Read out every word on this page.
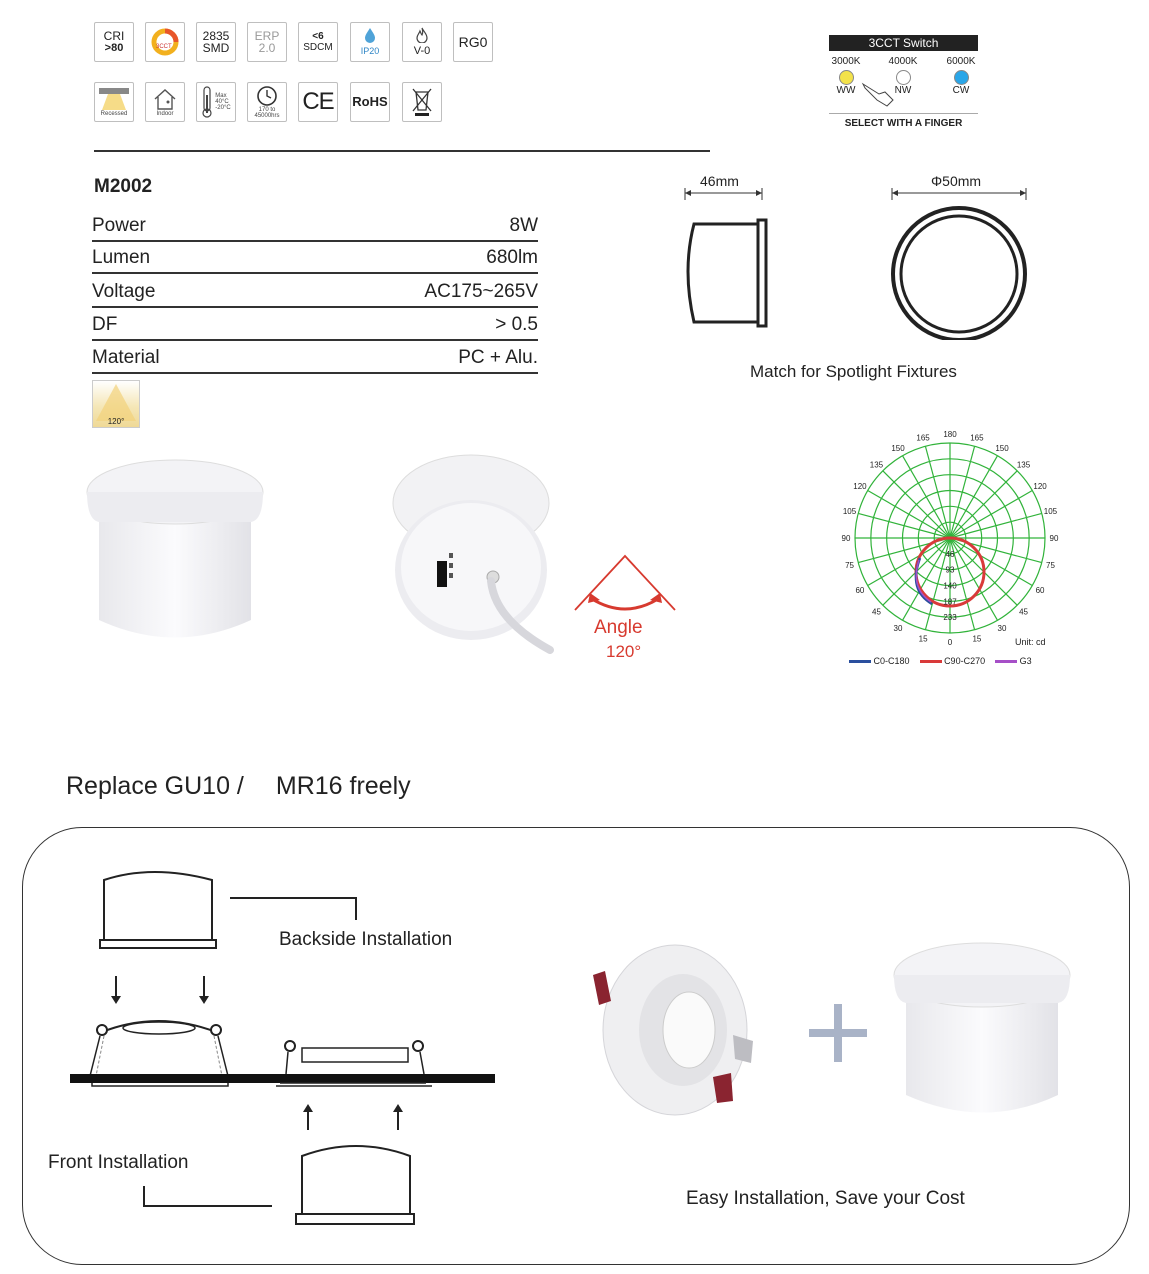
CRI
>80	3CCT
2835
SMD
ERP
2.0
<6
SDCM	IP20	V-0
RG0
Recessed	Indoor
Max
40°C
-20°C	170 to
45000hrs
CE RoHS
3CCT Switch
3000K
WW
4000K
NW
6000K
CW
SELECT WITH A FINGER
M2002
Power	8W
Lumen	680lm
Voltage	AC175~265V
DF	> 0.5
Material	PC + Alu.
120°
46mm	Φ50mm
Match for Spotlight Fixtures
Angle
120°
180
165	165
150	150
135	135
120	120
105	105
90	90
75	75
60	60
45	45
30	30
15	15
0
46
93
140
187
233
Unit: cd
C0-C180	C90-C270	G3
Replace GU10 / MR16 freely
Backside Installation
Front Installation
Easy Installation, Save your Cost
